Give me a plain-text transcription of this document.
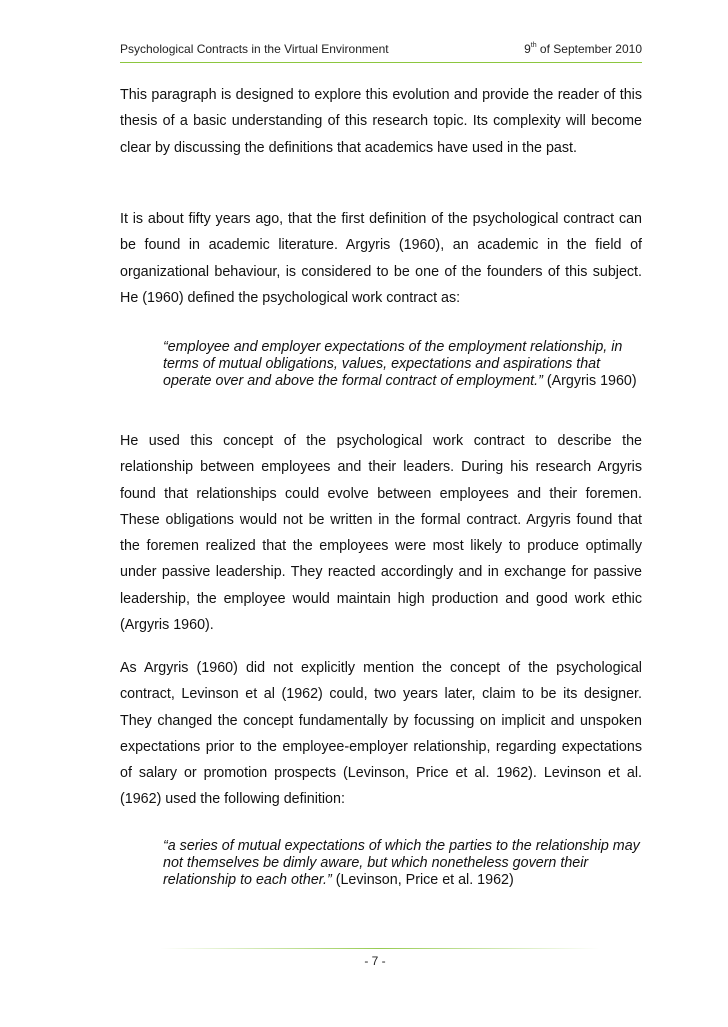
Psychological Contracts in the Virtual Environment	9th of September 2010

This paragraph is designed to explore this evolution and provide the reader of this thesis of a basic understanding of this research topic. Its complexity will become clear by discussing the definitions that academics have used in the past.

It is about fifty years ago, that the first definition of the psychological contract can be found in academic literature. Argyris (1960), an academic in the field of organizational behaviour, is considered to be one of the founders of this subject. He (1960) defined the psychological work contract as:

“employee and employer expectations of the employment relationship, in terms of mutual obligations, values, expectations and aspirations that operate over and above the formal contract of employment.” (Argyris 1960)

He used this concept of the psychological work contract to describe the relationship between employees and their leaders. During his research Argyris found that relationships could evolve between employees and their foremen. These obligations would not be written in the formal contract. Argyris found that the foremen realized that the employees were most likely to produce optimally under passive leadership. They reacted accordingly and in exchange for passive leadership, the employee would maintain high production and good work ethic (Argyris 1960).

As Argyris (1960) did not explicitly mention the concept of the psychological contract, Levinson et al (1962) could, two years later, claim to be its designer. They changed the concept fundamentally by focussing on implicit and unspoken expectations prior to the employee-employer relationship, regarding expectations of salary or promotion prospects (Levinson, Price et al. 1962). Levinson et al. (1962) used the following definition:

“a series of mutual expectations of which the parties to the relationship may not themselves be dimly aware, but which nonetheless govern their relationship to each other.” (Levinson, Price et al. 1962)

- 7 -
